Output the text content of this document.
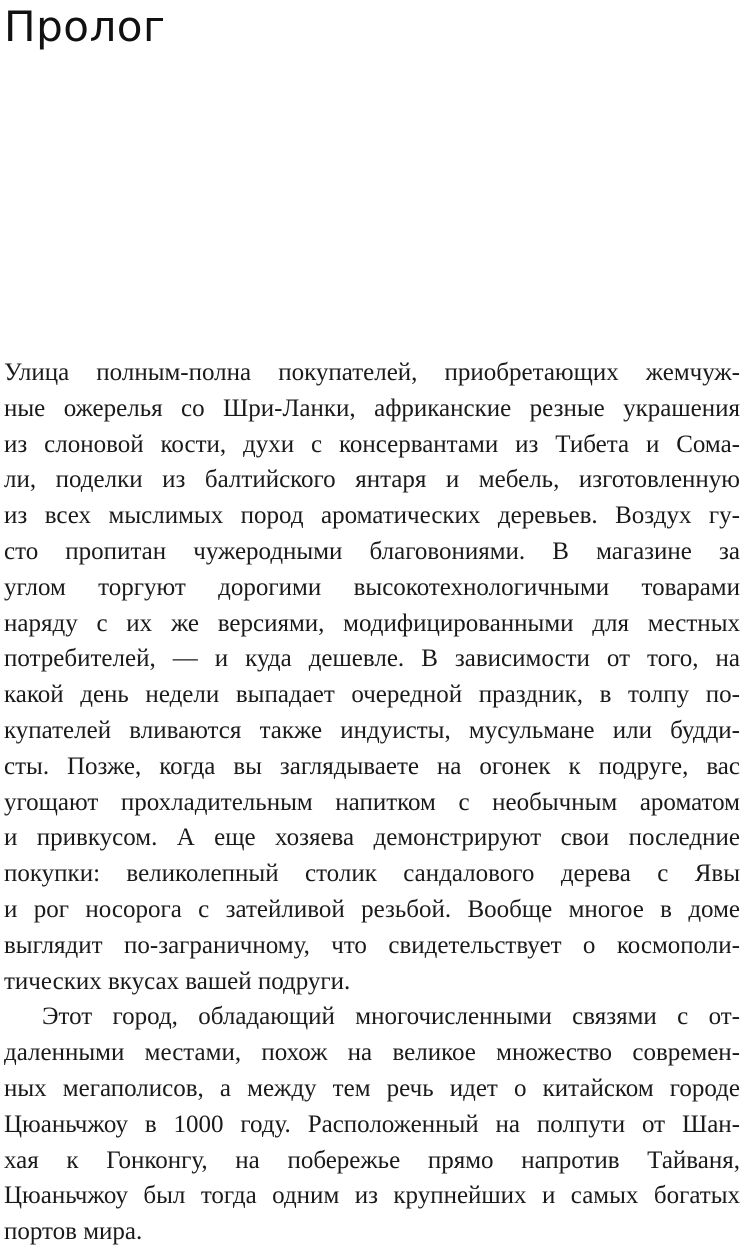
Пролог
Улица полным-полна покупателей, приобретающих жемчуж-
ные ожерелья со Шри-Ланки, африканские резные украшения
из слоновой кости, духи с консервантами из Тибета и Сома-
ли, поделки из балтийского янтаря и мебель, изготовленную
из всех мыслимых пород ароматических деревьев. Воздух гу-
сто пропитан чужеродными благовониями. В магазине за
углом торгуют дорогими высокотехнологичными товарами
наряду с их же версиями, модифицированными для местных
потребителей, — и куда дешевле. В зависимости от того, на
какой день недели выпадает очередной праздник, в толпу по-
купателей вливаются также индуисты, мусульмане или будди-
сты. Позже, когда вы заглядываете на огонек к подруге, вас
угощают прохладительным напитком с необычным ароматом
и привкусом. А еще хозяева демонстрируют свои последние
покупки: великолепный столик сандалового дерева с Явы
и рог носорога с затейливой резьбой. Вообще многое в доме
выглядит по-заграничному, что свидетельствует о космополи-
тических вкусах вашей подруги.
Этот город, обладающий многочисленными связями с от-
даленными местами, похож на великое множество современ-
ных мегаполисов, а между тем речь идет о китайском городе
Цюаньчжоу в 1000 году. Расположенный на полпути от Шан-
хая к Гонконгу, на побережье прямо напротив Тайваня,
Цюаньчжоу был тогда одним из крупнейших и самых богатых
портов мира.
